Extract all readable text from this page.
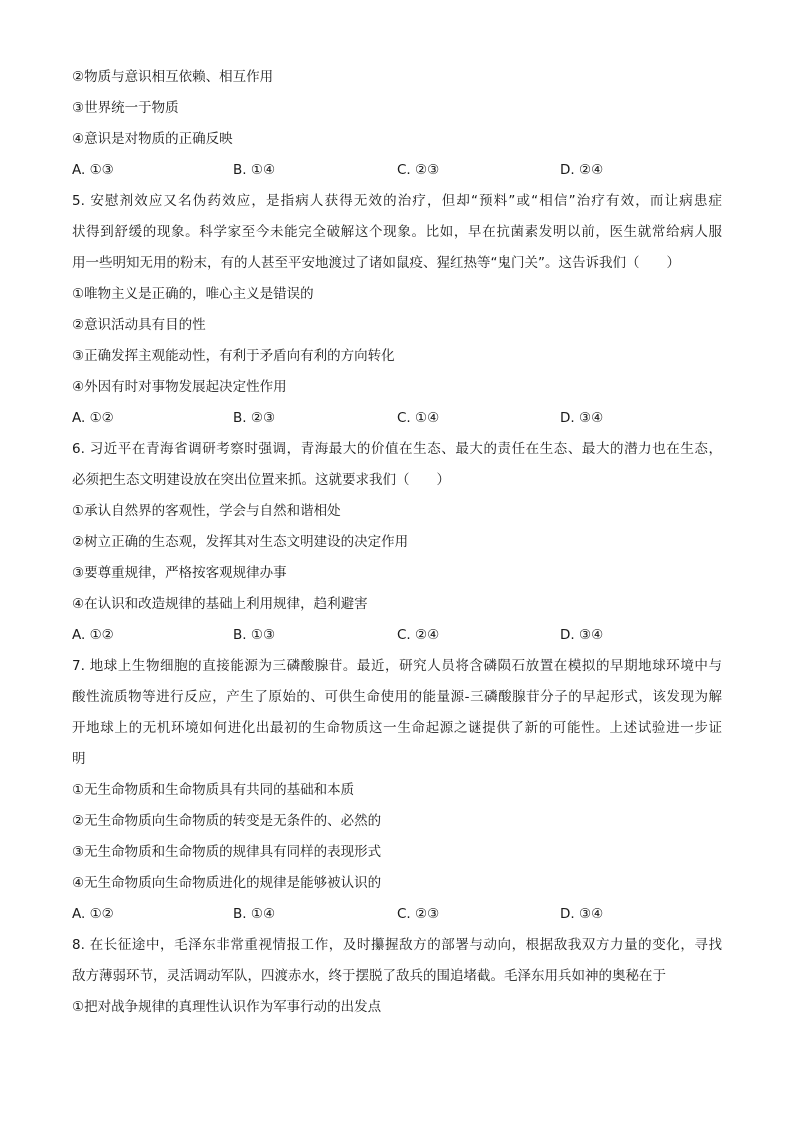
②物质与意识相互依赖、相互作用
③世界统一于物质
④意识是对物质的正确反映
A. ①③	B. ①④	C. ②③	D. ②④
5. 安慰剂效应又名伪药效应，是指病人获得无效的治疗，但却“预料”或“相信”治疗有效，而让病患症
状得到舒缓的现象。科学家至今未能完全破解这个现象。比如，早在抗菌素发明以前，医生就常给病人服
用一些明知无用的粉末，有的人甚至平安地渡过了诸如鼠疫、猩红热等“鬼门关”。这告诉我们（　　）
①唯物主义是正确的，唯心主义是错误的
②意识活动具有目的性
③正确发挥主观能动性，有利于矛盾向有利的方向转化
④外因有时对事物发展起决定性作用
A. ①②	B. ②③	C. ①④	D. ③④
6. 习近平在青海省调研考察时强调，青海最大的价值在生态、最大的责任在生态、最大的潜力也在生态，
必须把生态文明建设放在突出位置来抓。这就要求我们（　　）
①承认自然界的客观性，学会与自然和谐相处
②树立正确的生态观，发挥其对生态文明建设的决定作用
③要尊重规律，严格按客观规律办事
④在认识和改造规律的基础上利用规律，趋利避害
A. ①②	B. ①③	C. ②④	D. ③④
7. 地球上生物细胞的直接能源为三磷酸腺苷。最近，研究人员将含磷陨石放置在模拟的早期地球环境中与
酸性流质物等进行反应，产生了原始的、可供生命使用的能量源-三磷酸腺苷分子的早起形式，该发现为解
开地球上的无机环境如何进化出最初的生命物质这一生命起源之谜提供了新的可能性。上述试验进一步证
明
①无生命物质和生命物质具有共同的基础和本质
②无生命物质向生命物质的转变是无条件的、必然的
③无生命物质和生命物质的规律具有同样的表现形式
④无生命物质向生命物质进化的规律是能够被认识的
A. ①②	B. ①④	C. ②③	D. ③④
8. 在长征途中，毛泽东非常重视情报工作，及时攥握敌方的部署与动向，根据敌我双方力量的变化，寻找
敌方薄弱环节，灵活调动军队，四渡赤水，终于摆脱了敌兵的围追堵截。毛泽东用兵如神的奥秘在于
①把对战争规律的真理性认识作为军事行动的出发点
